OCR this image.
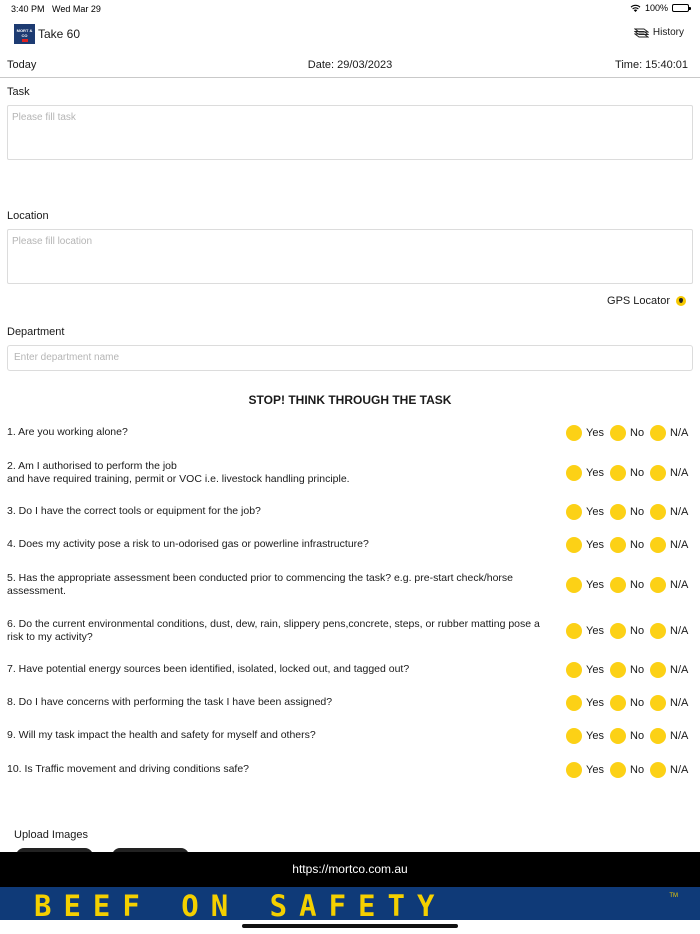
3:40 PM Wed Mar 29	100%
MORT & CO Take 60	History
Today	Date: 29/03/2023	Time: 15:40:01
Task
Please fill task
Location
Please fill location
GPS Locator
Department
Enter department name
STOP! THINK THROUGH THE TASK
1. Are you working alone?	Yes No N/A
2. Am I authorised to perform the job
and have required training, permit or VOC i.e. livestock handling principle.	Yes No N/A
3. Do I have the correct tools or equipment for the job?	Yes No N/A
4. Does my activity pose a risk to un-odorised gas or powerline infrastructure?	Yes No N/A
5. Has the appropriate assessment been conducted prior to commencing the task? e.g. pre-start check/horse assessment.	Yes No N/A
6. Do the current environmental conditions, dust, dew, rain, slippery pens,concrete, steps, or rubber matting pose a risk to my activity?	Yes No N/A
7. Have potential energy sources been identified, isolated, locked out, and tagged out?	Yes No N/A
8. Do I have concerns with performing the task I have been assigned?	Yes No N/A
9. Will my task impact the health and safety for myself and others?	Yes No N/A
10. Is Traffic movement and driving conditions safe?	Yes No N/A
Upload Images
https://mortco.com.au
BEEF ON SAFETY	TM
